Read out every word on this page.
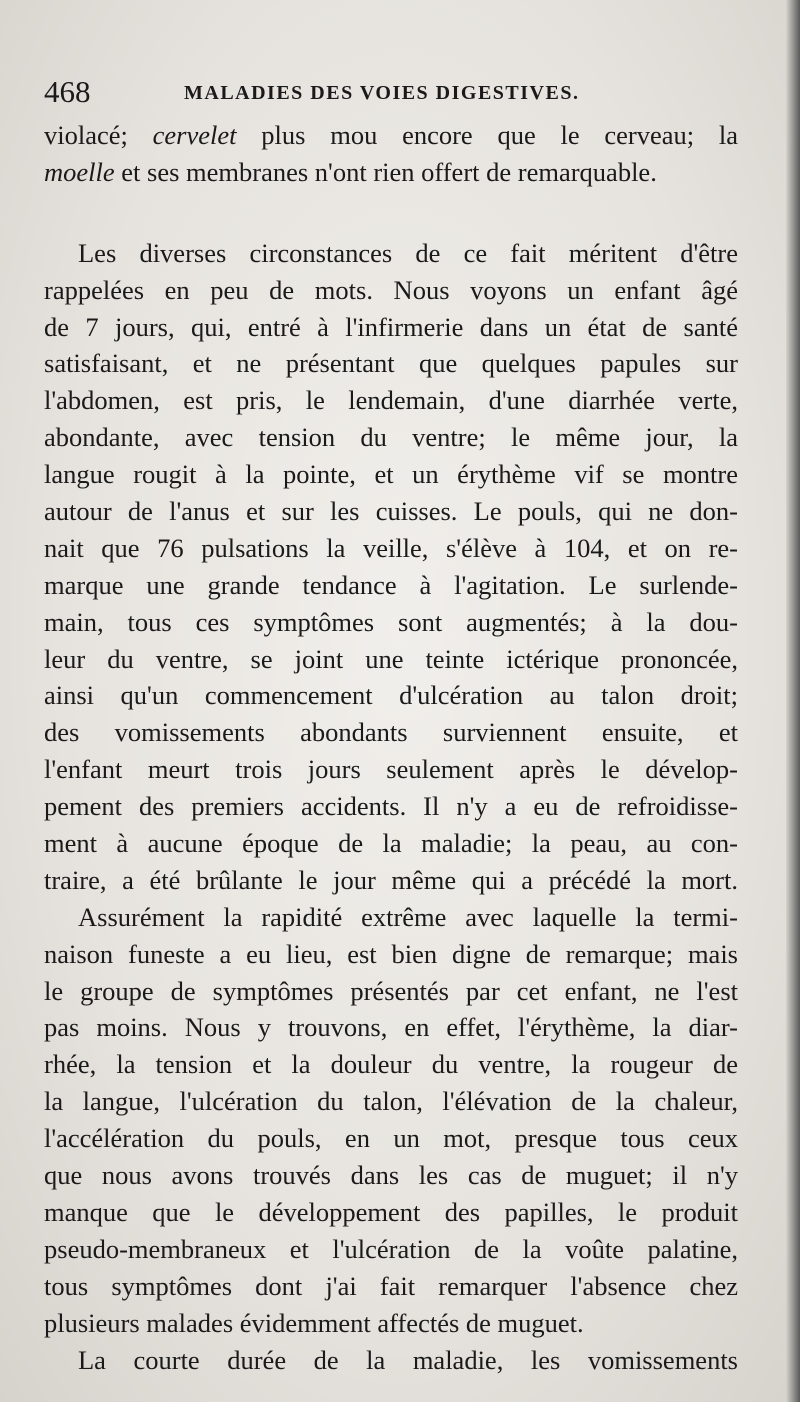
468	MALADIES DES VOIES DIGESTIVES.
violacé; cervelet plus mou encore que le cerveau; la
moelle et ses membranes n'ont rien offert de remarquable.
Les diverses circonstances de ce fait méritent d'être
rappelées en peu de mots. Nous voyons un enfant âgé
de 7 jours, qui, entré à l'infirmerie dans un état de santé
satisfaisant, et ne présentant que quelques papules sur
l'abdomen, est pris, le lendemain, d'une diarrhée verte,
abondante, avec tension du ventre; le même jour, la
langue rougit à la pointe, et un érythème vif se montre
autour de l'anus et sur les cuisses. Le pouls, qui ne don-
nait que 76 pulsations la veille, s'élève à 104, et on re-
marque une grande tendance à l'agitation. Le surlende-
main, tous ces symptômes sont augmentés; à la dou-
leur du ventre, se joint une teinte ictérique prononcée,
ainsi qu'un commencement d'ulcération au talon droit;
des vomissements abondants surviennent ensuite, et
l'enfant meurt trois jours seulement après le dévelop-
pement des premiers accidents. Il n'y a eu de refroidisse-
ment à aucune époque de la maladie; la peau, au con-
traire, a été brûlante le jour même qui a précédé la mort.
Assurément la rapidité extrême avec laquelle la termi-
naison funeste a eu lieu, est bien digne de remarque; mais
le groupe de symptômes présentés par cet enfant, ne l'est
pas moins. Nous y trouvons, en effet, l'érythème, la diar-
rhée, la tension et la douleur du ventre, la rougeur de
la langue, l'ulcération du talon, l'élévation de la chaleur,
l'accélération du pouls, en un mot, presque tous ceux
que nous avons trouvés dans les cas de muguet; il n'y
manque que le développement des papilles, le produit
pseudo-membraneux et l'ulcération de la voûte palatine,
tous symptômes dont j'ai fait remarquer l'absence chez
plusieurs malades évidemment affectés de muguet.
La courte durée de la maladie, les vomissements
